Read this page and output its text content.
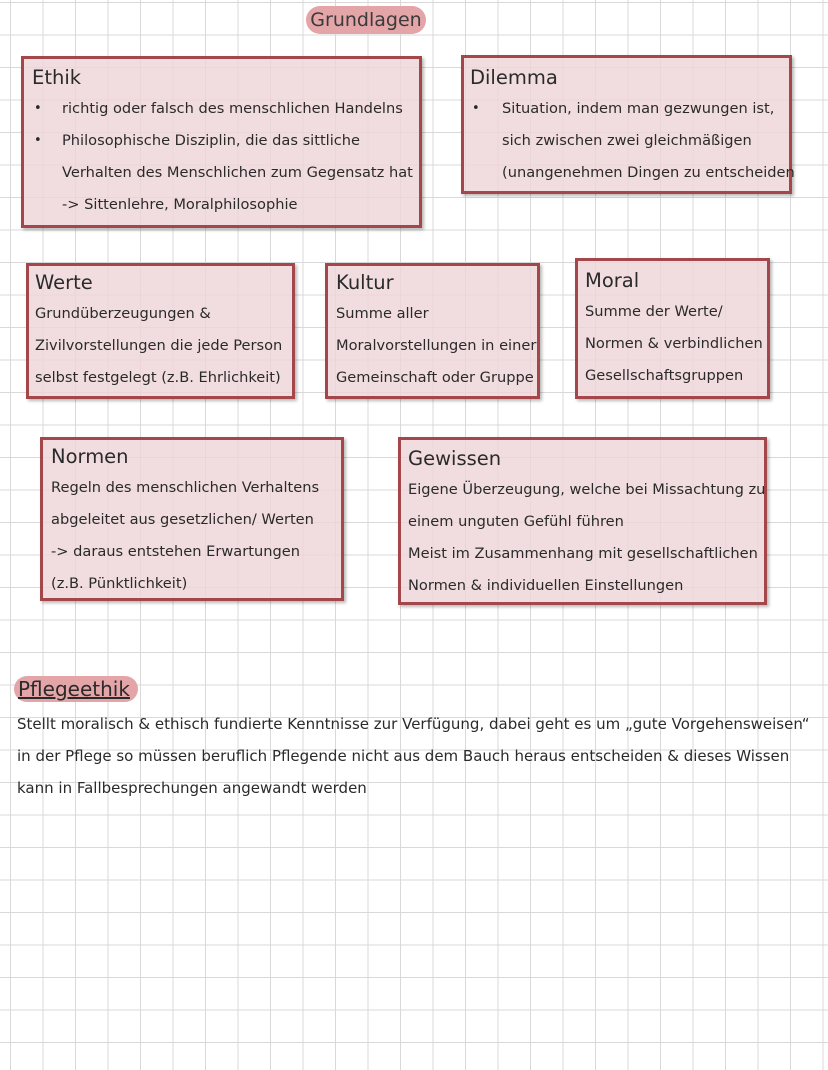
Grundlagen
Ethik
• richtig oder falsch des menschlichen Handelns
• Philosophische Disziplin, die das sittliche
Verhalten des Menschlichen zum Gegensatz hat
-> Sittenlehre, Moralphilosophie
Dilemma
• Situation, indem man gezwungen ist,
sich zwischen zwei gleichmäßigen
(unangenehmen Dingen zu entscheiden
Werte
Grundüberzeugungen &
Zivilvorstellungen die jede Person
selbst festgelegt (z.B. Ehrlichkeit)
Kultur
Summe aller
Moralvorstellungen in einer
Gemeinschaft oder Gruppe
Moral
Summe der Werte/
Normen & verbindlichen
Gesellschaftsgruppen
Normen
Regeln des menschlichen Verhaltens
abgeleitet aus gesetzlichen/ Werten
-> daraus entstehen Erwartungen
(z.B. Pünktlichkeit)
Gewissen
Eigene Überzeugung, welche bei Missachtung zu
einem unguten Gefühl führen
Meist im Zusammenhang mit gesellschaftlichen
Normen & individuellen Einstellungen
Pflegeethik
Stellt moralisch & ethisch fundierte Kenntnisse zur Verfügung, dabei geht es um „gute Vorgehensweisen“
in der Pflege so müssen beruflich Pflegende nicht aus dem Bauch heraus entscheiden & dieses Wissen
kann in Fallbesprechungen angewandt werden
